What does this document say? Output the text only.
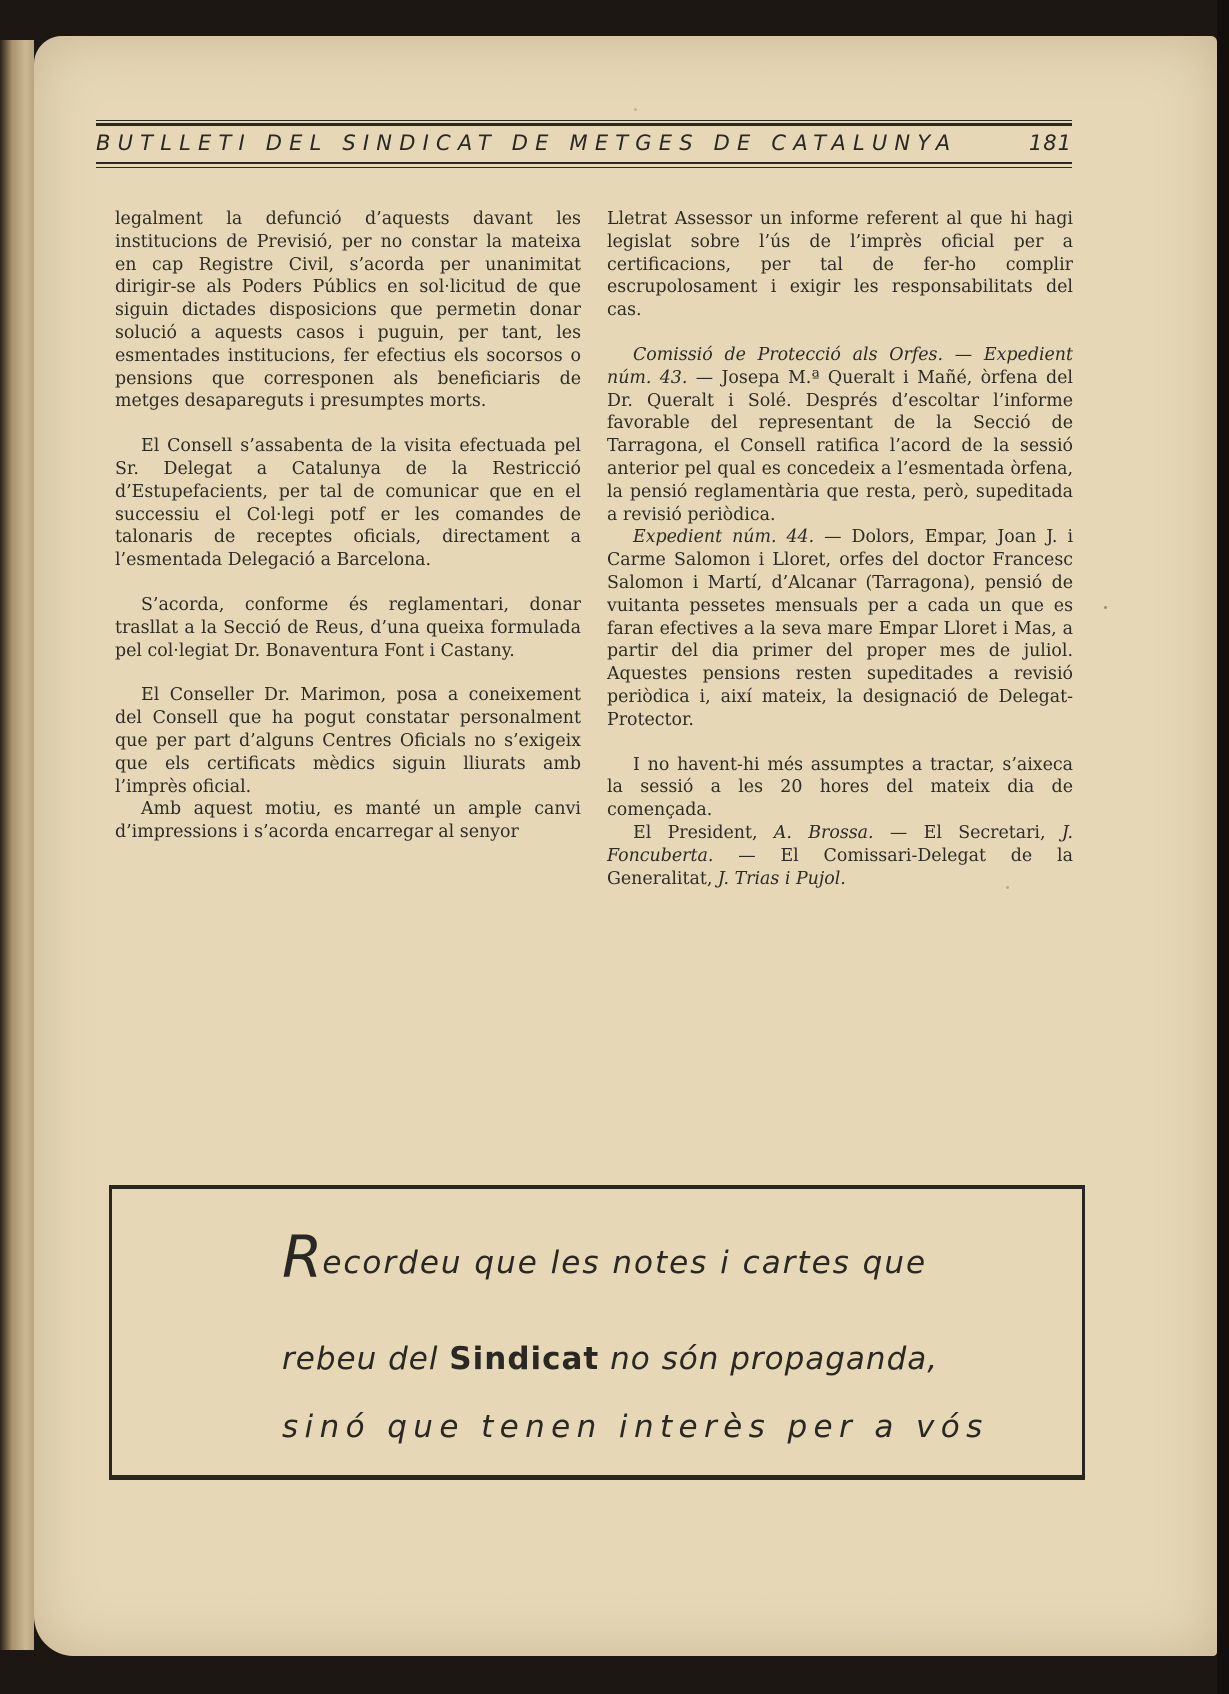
BUTLLETI DEL SINDICAT DE METGES DE CATALUNYA	181

legalment la defunció d’aquests davant les institucions de Previsió, per no constar la mateixa en cap Registre Civil, s’acorda per unanimitat dirigir-se als Poders Públics en sol·licitud de que siguin dictades disposicions que permetin donar solució a aquests casos i puguin, per tant, les esmentades institucions, fer efectius els socorsos o pensions que corresponen als beneficiaris de metges desapareguts i presumptes morts.

El Consell s’assabenta de la visita efectuada pel Sr. Delegat a Catalunya de la Restricció d’Estupefacients, per tal de comunicar que en el successiu el Col·legi potf er les comandes de talonaris de receptes oficials, directament a l’esmentada Delegació a Barcelona.

S’acorda, conforme és reglamentari, donar trasllat a la Secció de Reus, d’una queixa formulada pel col·legiat Dr. Bonaventura Font i Castany.

El Conseller Dr. Marimon, posa a coneixement del Consell que ha pogut constatar personalment que per part d’alguns Centres Oficials no s’exigeix que els certificats mèdics siguin lliurats amb l’imprès oficial.

Amb aquest motiu, es manté un ample canvi d’impressions i s’acorda encarregar al senyor

Lletrat Assessor un informe referent al que hi hagi legislat sobre l’ús de l’imprès oficial per a certificacions, per tal de fer-ho complir escrupolosament i exigir les responsabilitats del cas.

Comissió de Protecció als Orfes. — Expedient núm. 43. — Josepa M.ª Queralt i Mañé, òrfena del Dr. Queralt i Solé. Després d’escoltar l’informe favorable del representant de la Secció de Tarragona, el Consell ratifica l’acord de la sessió anterior pel qual es concedeix a l’esmentada òrfena, la pensió reglamentària que resta, però, supeditada a revisió periòdica.

Expedient núm. 44. — Dolors, Empar, Joan J. i Carme Salomon i Lloret, orfes del doctor Francesc Salomon i Martí, d’Alcanar (Tarragona), pensió de vuitanta pessetes mensuals per a cada un que es faran efectives a la seva mare Empar Lloret i Mas, a partir del dia primer del proper mes de juliol. Aquestes pensions resten supeditades a revisió periòdica i, així mateix, la designació de Delegat-Protector.

I no havent-hi més assumptes a tractar, s’aixeca la sessió a les 20 hores del mateix dia de començada.

El President, A. Brossa. — El Secretari, J. Foncuberta. — El Comissari-Delegat de la Generalitat, J. Trias i Pujol.

Recordeu que les notes i cartes que
rebeu del Sindicat no són propaganda,
sinó que tenen interès per a vós
